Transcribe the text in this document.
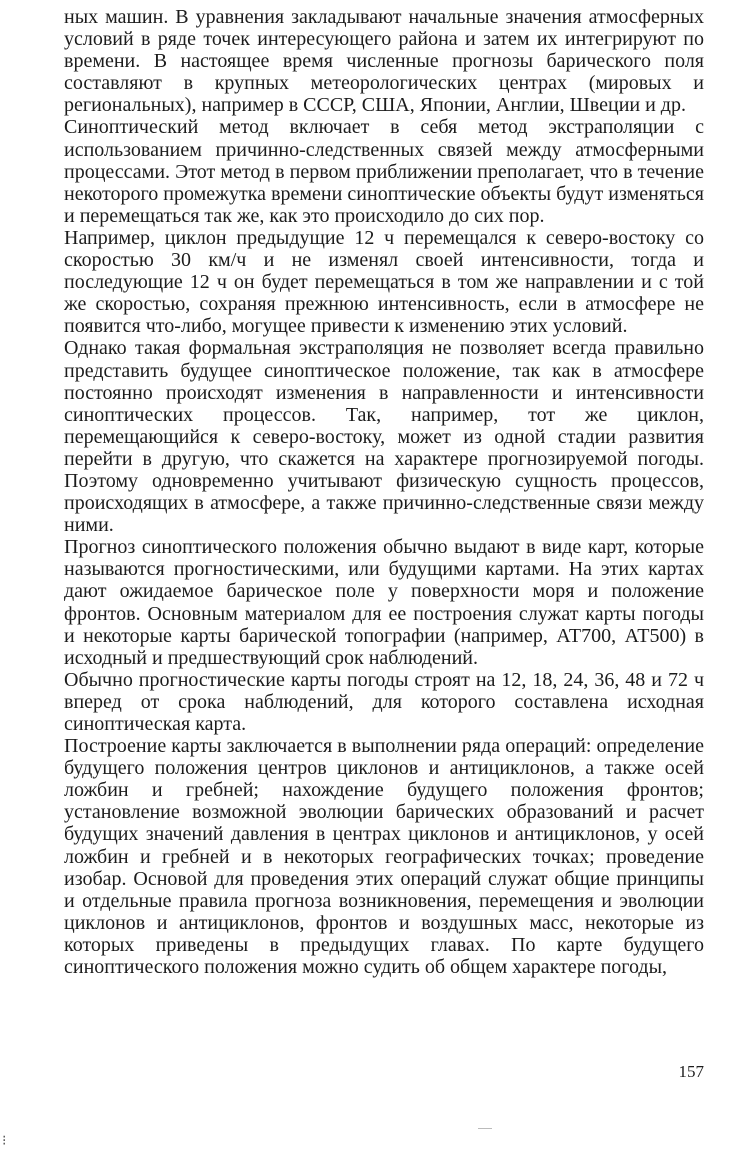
ных машин. В уравнения закладывают начальные значения атмосферных условий в ряде точек интересующего района и затем их интегрируют по времени. В настоящее время численные прогнозы барического поля составляют в крупных метеорологических центрах (мировых и региональных), например в СССР, США, Японии, Англии, Швеции и др.

Синоптический метод включает в себя метод экстраполяции с использованием причинно-следственных связей между атмосферными процессами. Этот метод в первом приближении преполагает, что в течение некоторого промежутка времени синоптические объекты будут изменяться и перемещаться так же, как это происходило до сих пор.

Например, циклон предыдущие 12 ч перемещался к северо-востоку со скоростью 30 км/ч и не изменял своей интенсивности, тогда и последующие 12 ч он будет перемещаться в том же направлении и с той же скоростью, сохраняя прежнюю интенсивность, если в атмосфере не появится что-либо, могущее привести к изменению этих условий.

Однако такая формальная экстраполяция не позволяет всегда правильно представить будущее синоптическое положение, так как в атмосфере постоянно происходят изменения в направленности и интенсивности синоптических процессов. Так, например, тот же циклон, перемещающийся к северо-востоку, может из одной стадии развития перейти в другую, что скажется на характере прогнозируемой погоды. Поэтому одновременно учитывают физическую сущность процессов, происходящих в атмосфере, а также причинно-следственные связи между ними.

Прогноз синоптического положения обычно выдают в виде карт, которые называются прогностическими, или будущими картами. На этих картах дают ожидаемое барическое поле у поверхности моря и положение фронтов. Основным материалом для ее построения служат карты погоды и некоторые карты барической топографии (например, АТ700, АТ500) в исходный и предшествующий срок наблюдений.

Обычно прогностические карты погоды строят на 12, 18, 24, 36, 48 и 72 ч вперед от срока наблюдений, для которого составлена исходная синоптическая карта.

Построение карты заключается в выполнении ряда операций: определение будущего положения центров циклонов и антициклонов, а также осей ложбин и гребней; нахождение будущего положения фронтов; установление возможной эволюции барических образований и расчет будущих значений давления в центрах циклонов и антициклонов, у осей ложбин и гребней и в некоторых географических точках; проведение изобар. Основой для проведения этих операций служат общие принципы и отдельные правила прогноза возникновения, перемещения и эволюции циклонов и антициклонов, фронтов и воздушных масс, некоторые из которых приведены в предыдущих главах. По карте будущего синоптического положения можно судить об общем характере погоды,

157
⁝
